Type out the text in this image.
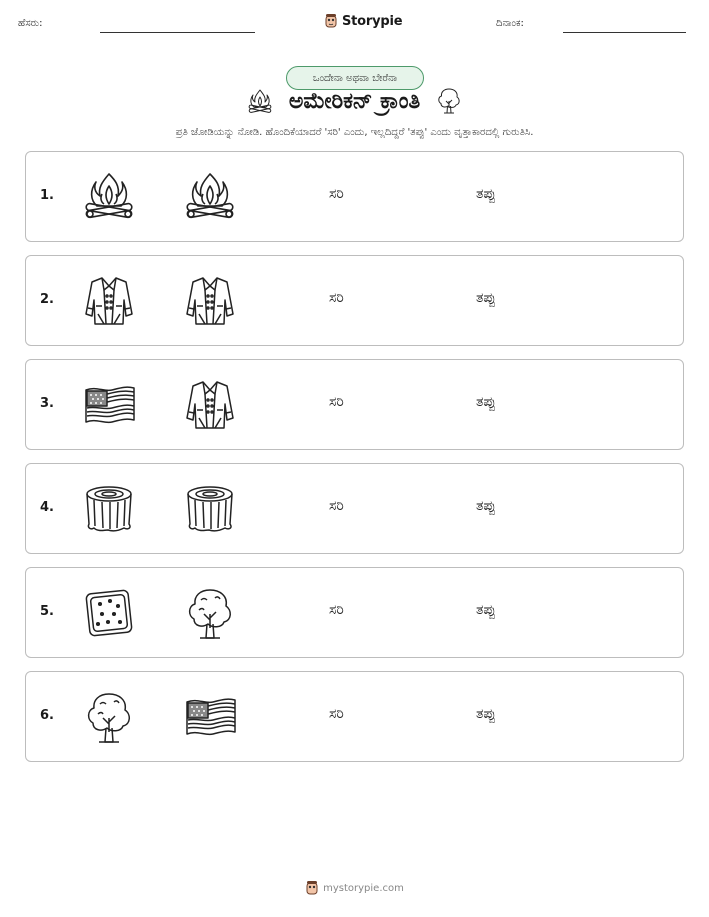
ಹೆಸರು:	Storypie	ದಿನಾಂಕ:
ಒಂದೇನಾ ಅಥವಾ ಬೇರೆನಾ
ಅಮೇರಿಕನ್ ಕ್ರಾಂತಿ
ಪ್ರತಿ ಜೋಡಿಯನ್ನು ನೋಡಿ. ಹೊಂದಿಕೆಯಾದರೆ 'ಸರಿ' ಎಂದು, ಇಲ್ಲದಿದ್ದರೆ 'ತಪ್ಪು' ಎಂದು ವೃತ್ತಾಕಾರದಲ್ಲಿ ಗುರುತಿಸಿ.
1.	ಸರಿ	ತಪ್ಪು
2.	ಸರಿ	ತಪ್ಪು
3.	ಸರಿ	ತಪ್ಪು
4.	ಸರಿ	ತಪ್ಪು
5.	ಸರಿ	ತಪ್ಪು
6.	ಸರಿ	ತಪ್ಪು
mystorypie.com
